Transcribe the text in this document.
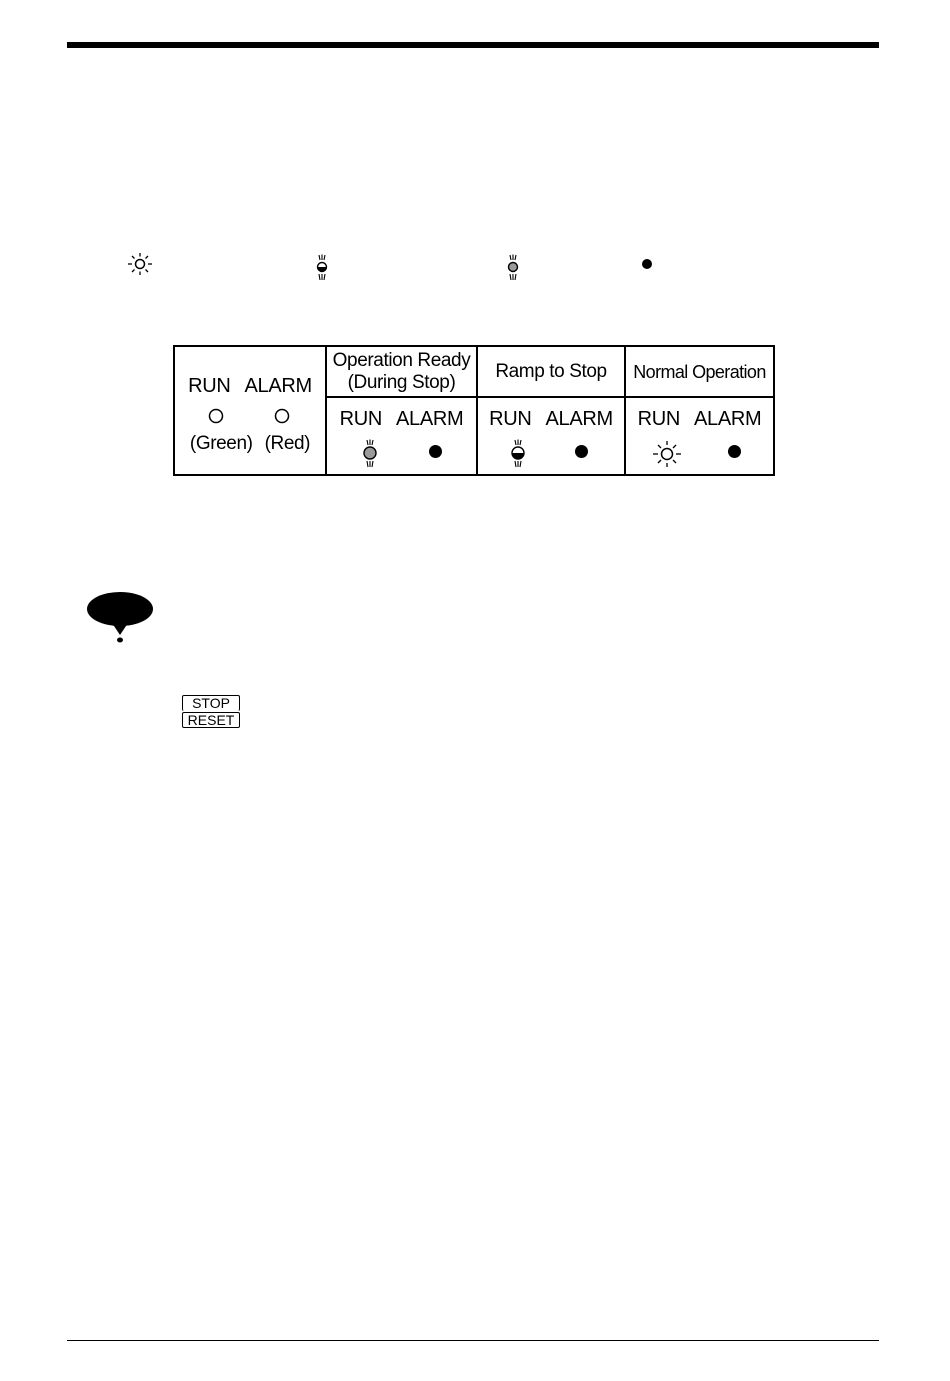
RUN ALARM
(Green) (Red)
Operation Ready
(During Stop)
RUN ALARM
Ramp to Stop
RUN ALARM
Normal Operation
RUN ALARM
STOP
RESET
